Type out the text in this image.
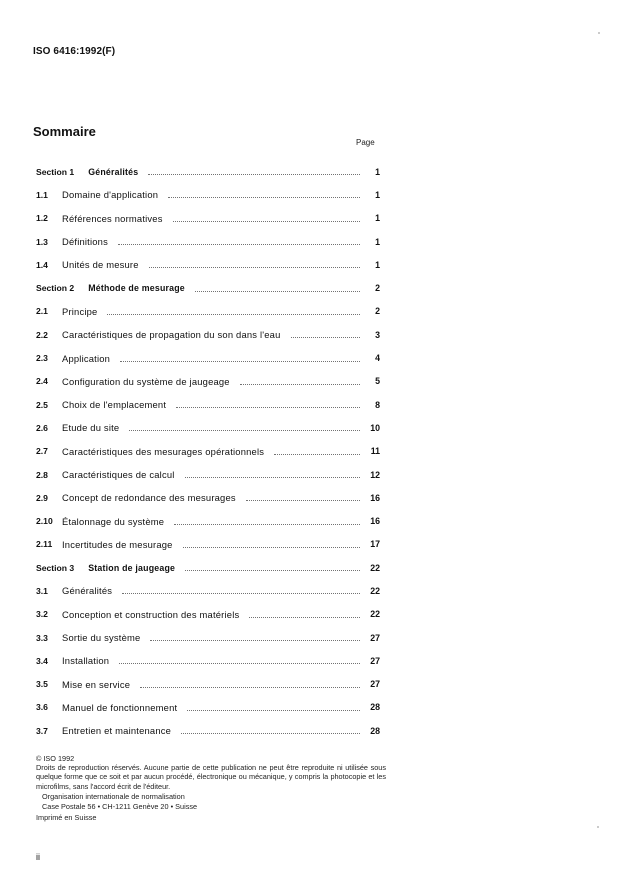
ISO 6416:1992(F)
Sommaire
Page
Section 1 Généralités	1
1.1	Domaine d'application	1
1.2	Références normatives	1
1.3	Définitions	1
1.4	Unités de mesure	1
Section 2 Méthode de mesurage	2
2.1	Principe	2
2.2	Caractéristiques de propagation du son dans l'eau	3
2.3	Application	4
2.4	Configuration du système de jaugeage	5
2.5	Choix de l'emplacement	8
2.6	Etude du site	10
2.7	Caractéristiques des mesurages opérationnels	11
2.8	Caractéristiques de calcul	12
2.9	Concept de redondance des mesurages	16
2.10 Étalonnage du système	16
2.11	Incertitudes de mesurage	17
Section 3 Station de jaugeage	22
3.1	Généralités	22
3.2	Conception et construction des matériels	22
3.3	Sortie du système	27
3.4	Installation	27
3.5	Mise en service	27
3.6	Manuel de fonctionnement	28
3.7	Entretien et maintenance	28
© ISO 1992
Droits de reproduction réservés. Aucune partie de cette publication ne peut être reproduite ni utilisée sous quelque forme que ce soit et par aucun procédé, électronique ou mécanique, y compris la photocopie et les microfilms, sans l'accord écrit de l'éditeur.
Organisation internationale de normalisation
Case Postale 56 • CH-1211 Genève 20 • Suisse
Imprimé en Suisse
ii
